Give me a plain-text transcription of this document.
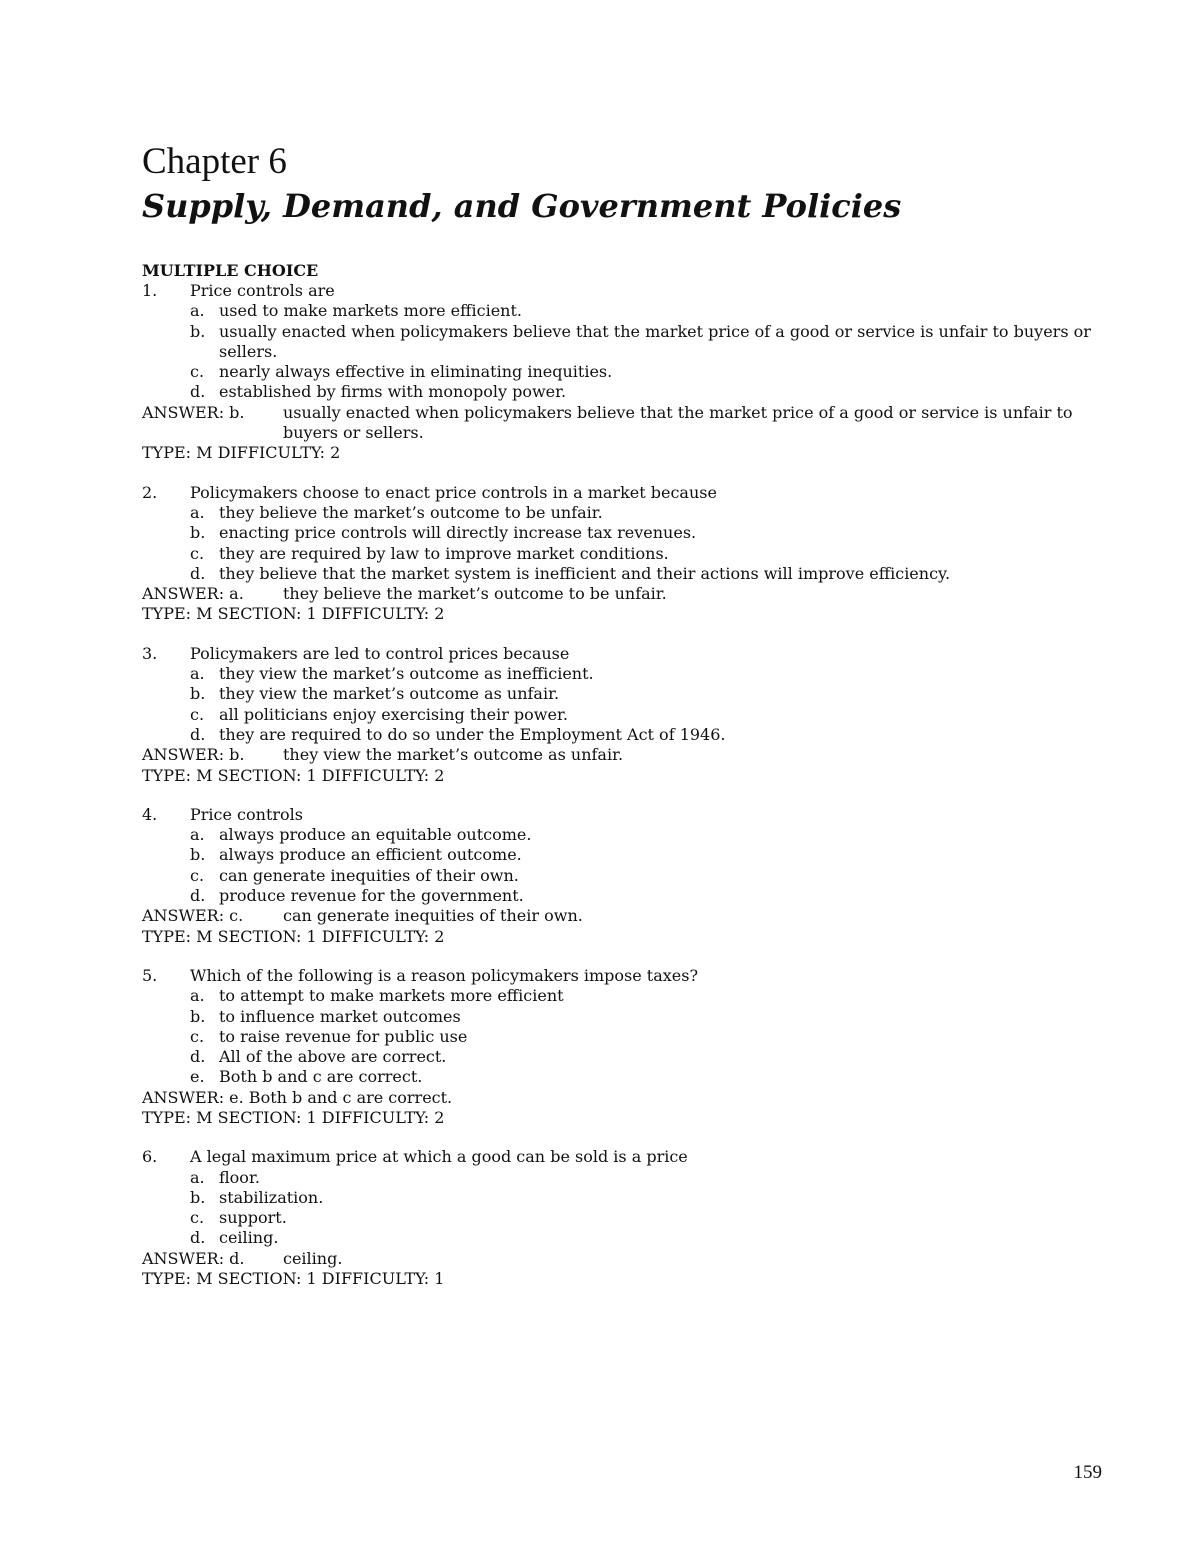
Chapter 6
Supply, Demand, and Government Policies
MULTIPLE CHOICE
1.	Price controls are
a. used to make markets more efficient.
b. usually enacted when policymakers believe that the market price of a good or service is unfair to buyers or sellers.
c. nearly always effective in eliminating inequities.
d. established by firms with monopoly power.
ANSWER: b.	usually enacted when policymakers believe that the market price of a good or service is unfair to buyers or sellers.
TYPE: M DIFFICULTY: 2
2.	Policymakers choose to enact price controls in a market because
a. they believe the market’s outcome to be unfair.
b. enacting price controls will directly increase tax revenues.
c. they are required by law to improve market conditions.
d. they believe that the market system is inefficient and their actions will improve efficiency.
ANSWER: a.	they believe the market’s outcome to be unfair.
TYPE: M SECTION: 1 DIFFICULTY: 2
3.	Policymakers are led to control prices because
a. they view the market’s outcome as inefficient.
b. they view the market’s outcome as unfair.
c. all politicians enjoy exercising their power.
d. they are required to do so under the Employment Act of 1946.
ANSWER: b.	they view the market’s outcome as unfair.
TYPE: M SECTION: 1 DIFFICULTY: 2
4.	Price controls
a. always produce an equitable outcome.
b. always produce an efficient outcome.
c. can generate inequities of their own.
d. produce revenue for the government.
ANSWER: c.	can generate inequities of their own.
TYPE: M SECTION: 1 DIFFICULTY: 2
5.	Which of the following is a reason policymakers impose taxes?
a. to attempt to make markets more efficient
b. to influence market outcomes
c. to raise revenue for public use
d. All of the above are correct.
e. Both b and c are correct.
ANSWER: e. Both b and c are correct.
TYPE: M SECTION: 1 DIFFICULTY: 2
6.	A legal maximum price at which a good can be sold is a price
a. floor.
b. stabilization.
c. support.
d. ceiling.
ANSWER: d.	ceiling.
TYPE: M SECTION: 1 DIFFICULTY: 1
159
